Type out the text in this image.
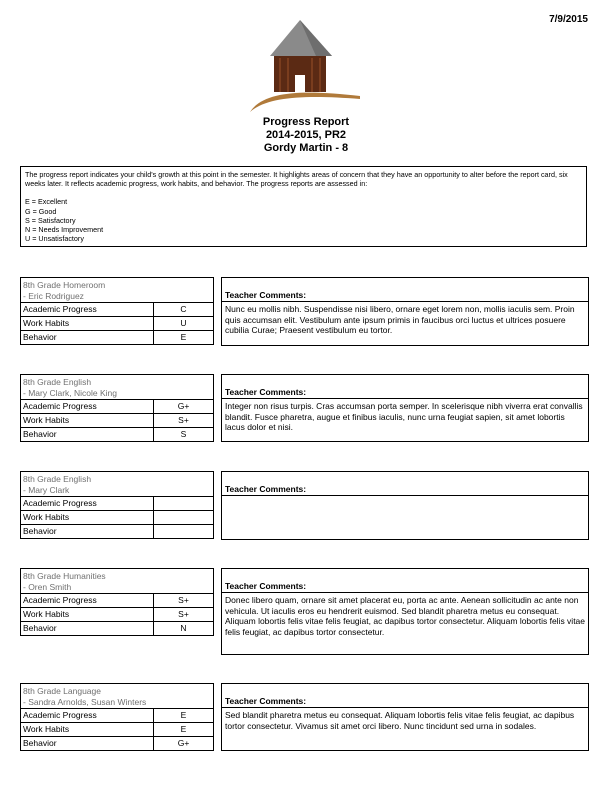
7/9/2015
Progress Report
2014-2015, PR2
Gordy Martin - 8
The progress report indicates your child's growth at this point in the semester. It highlights areas of concern that they have an opportunity to alter before the report card, six weeks later. It reflects academic progress, work habits, and behavior. The progress reports are assessed in:
E = Excellent
G = Good
S = Satisfactory
N = Needs Improvement
U = Unsatisfactory
8th Grade Homeroom
- Eric Rodriguez
Academic Progress	C
Work Habits	U
Behavior	E
Teacher Comments:
Nunc eu mollis nibh. Suspendisse nisi libero, ornare eget lorem non, mollis iaculis sem. Proin quis accumsan elit. Vestibulum ante ipsum primis in faucibus orci luctus et ultrices posuere cubilia Curae; Praesent vestibulum eu tortor.
8th Grade English
- Mary Clark, Nicole King
Academic Progress	G+
Work Habits	S+
Behavior	S
Teacher Comments:
Integer non risus turpis. Cras accumsan porta semper. In scelerisque nibh viverra erat convallis blandit. Fusce pharetra, augue et finibus iaculis, nunc urna feugiat sapien, sit amet lobortis lacus dolor et nisi.
8th Grade English
- Mary Clark
Academic Progress	
Work Habits	
Behavior	
Teacher Comments:
8th Grade Humanities
- Oren Smith
Academic Progress	S+
Work Habits	S+
Behavior	N
Teacher Comments:
Donec libero quam, ornare sit amet placerat eu, porta ac ante. Aenean sollicitudin ac ante non vehicula. Ut iaculis eros eu hendrerit euismod. Sed blandit pharetra metus eu consequat. Aliquam lobortis felis vitae felis feugiat, ac dapibus tortor consectetur. Aliquam lobortis felis vitae felis feugiat, ac dapibus tortor consectetur.
8th Grade Language
- Sandra Arnolds, Susan Winters
Academic Progress	E
Work Habits	E
Behavior	G+
Teacher Comments:
Sed blandit pharetra metus eu consequat. Aliquam lobortis felis vitae felis feugiat, ac dapibus tortor consectetur. Vivamus sit amet orci libero. Nunc tincidunt sed urna in sodales.
